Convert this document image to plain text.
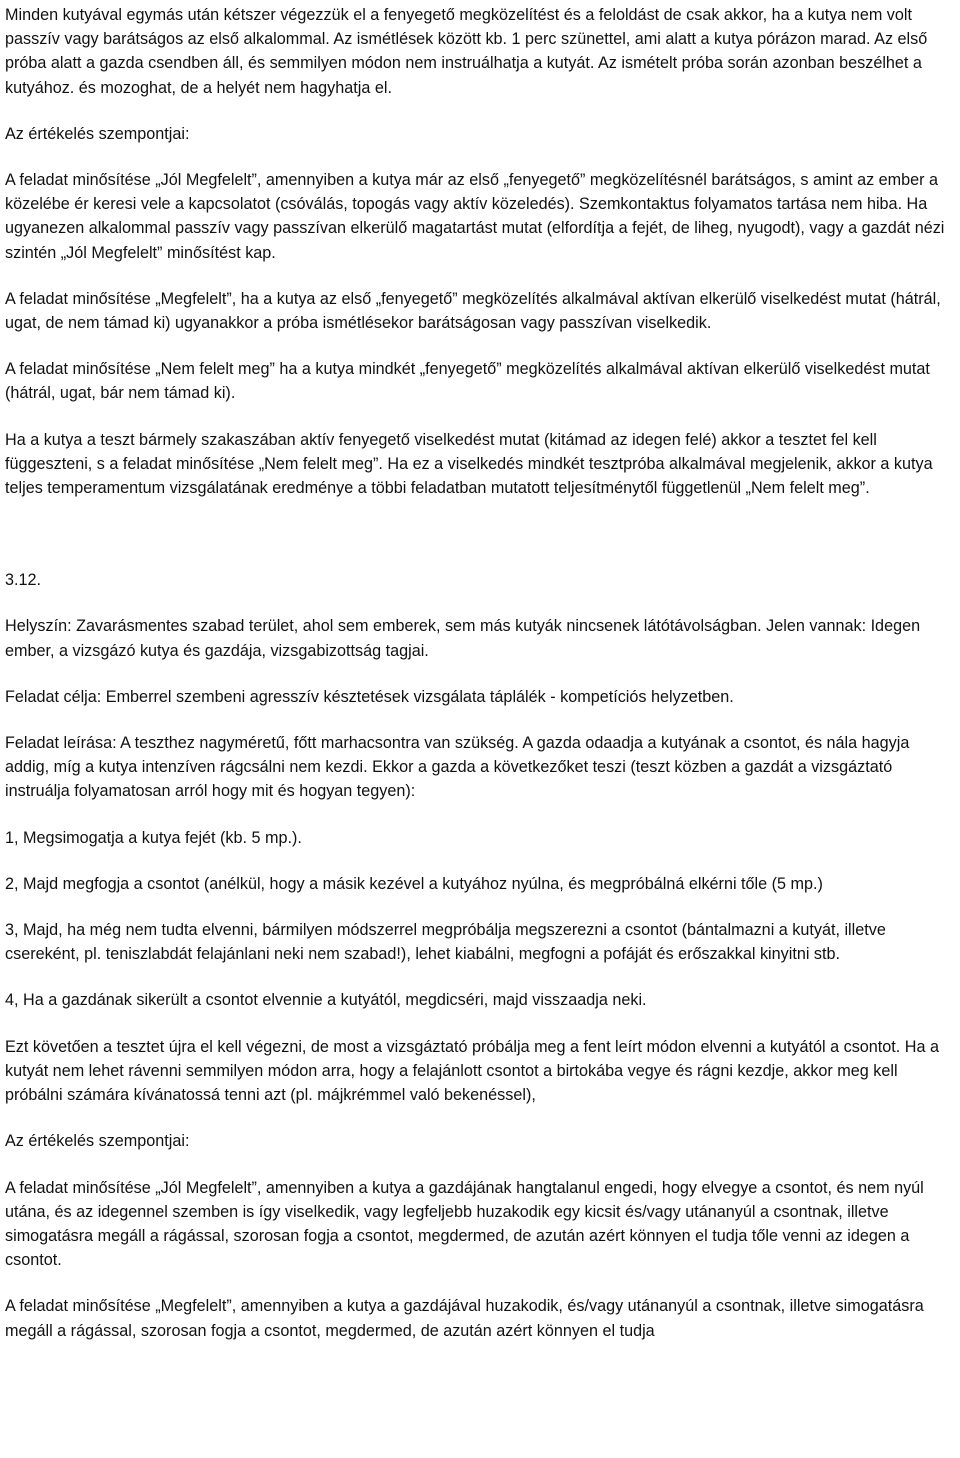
Minden kutyával egymás után kétszer végezzük el a fenyegető megközelítést és a feloldást de csak akkor, ha a kutya nem volt passzív vagy barátságos az első alkalommal. Az ismétlések között kb. 1 perc szünettel, ami alatt a kutya pórázon marad. Az első próba alatt a gazda csendben áll, és semmilyen módon nem instruálhatja a kutyát. Az ismételt próba során azonban beszélhet a kutyához. és mozoghat, de a helyét nem hagyhatja el.

Az értékelés szempontjai:

A feladat minősítése „Jól Megfelelt”, amennyiben a kutya már az első „fenyegető” megközelítésnél barátságos, s amint az ember a közelébe ér keresi vele a kapcsolatot (csóválás, topogás vagy aktív közeledés). Szemkontaktus folyamatos tartása nem hiba. Ha ugyanezen alkalommal passzív vagy passzívan elkerülő magatartást mutat (elfordítja a fejét, de liheg, nyugodt), vagy a gazdát nézi szintén „Jól Megfelelt” minősítést kap.

A feladat minősítése „Megfelelt”, ha a kutya az első „fenyegető” megközelítés alkalmával aktívan elkerülő viselkedést mutat (hátrál, ugat, de nem támad ki) ugyanakkor a próba ismétlésekor barátságosan vagy passzívan viselkedik.

A feladat minősítése „Nem felelt meg” ha a kutya mindkét „fenyegető” megközelítés alkalmával aktívan elkerülő viselkedést mutat (hátrál, ugat, bár nem támad ki).

Ha a kutya a teszt bármely szakaszában aktív fenyegető viselkedést mutat (kitámad az idegen felé) akkor a tesztet fel kell függeszteni, s a feladat minősítése „Nem felelt meg”. Ha ez a viselkedés mindkét tesztpróba alkalmával megjelenik, akkor a kutya teljes temperamentum vizsgálatának eredménye a többi feladatban mutatott teljesítménytől függetlenül „Nem felelt meg”.

3.12.

Helyszín: Zavarásmentes szabad terület, ahol sem emberek, sem más kutyák nincsenek látótávolságban. Jelen vannak: Idegen ember, a vizsgázó kutya és gazdája, vizsgabizottság tagjai.

Feladat célja: Emberrel szembeni agresszív késztetések vizsgálata táplálék - kompetíciós helyzetben.

Feladat leírása: A teszthez nagyméretű, főtt marhacsontra van szükség. A gazda odaadja a kutyának a csontot, és nála hagyja addig, míg a kutya intenzíven rágcsálni nem kezdi. Ekkor a gazda a következőket teszi (teszt közben a gazdát a vizsgáztató instruálja folyamatosan arról hogy mit és hogyan tegyen):

1, Megsimogatja a kutya fejét (kb. 5 mp.).

2, Majd megfogja a csontot (anélkül, hogy a másik kezével a kutyához nyúlna, és megpróbálná elkérni tőle (5 mp.)

3, Majd, ha még nem tudta elvenni, bármilyen módszerrel megpróbálja megszerezni a csontot (bántalmazni a kutyát, illetve csereként, pl. teniszlabdát felajánlani neki nem szabad!), lehet kiabálni, megfogni a pofáját és erőszakkal kinyitni stb.

4, Ha a gazdának sikerült a csontot elvennie a kutyától, megdicséri, majd visszaadja neki.

Ezt követően a tesztet újra el kell végezni, de most a vizsgáztató próbálja meg a fent leírt módon elvenni a kutyától a csontot. Ha a kutyát nem lehet rávenni semmilyen módon arra, hogy a felajánlott csontot a birtokába vegye és rágni kezdje, akkor meg kell próbálni számára kívánatossá tenni azt (pl. májkrémmel való bekenéssel),

Az értékelés szempontjai:

A feladat minősítése „Jól Megfelelt”, amennyiben a kutya a gazdájának hangtalanul engedi, hogy elvegye a csontot, és nem nyúl utána, és az idegennel szemben is így viselkedik, vagy legfeljebb huzakodik egy kicsit és/vagy utánanyúl a csontnak, illetve simogatásra megáll a rágással, szorosan fogja a csontot, megdermed, de azután azért könnyen el tudja tőle venni az idegen a csontot.

A feladat minősítése „Megfelelt”, amennyiben a kutya a gazdájával huzakodik, és/vagy utánanyúl a csontnak, illetve simogatásra megáll a rágással, szorosan fogja a csontot, megdermed, de azután azért könnyen el tudja
